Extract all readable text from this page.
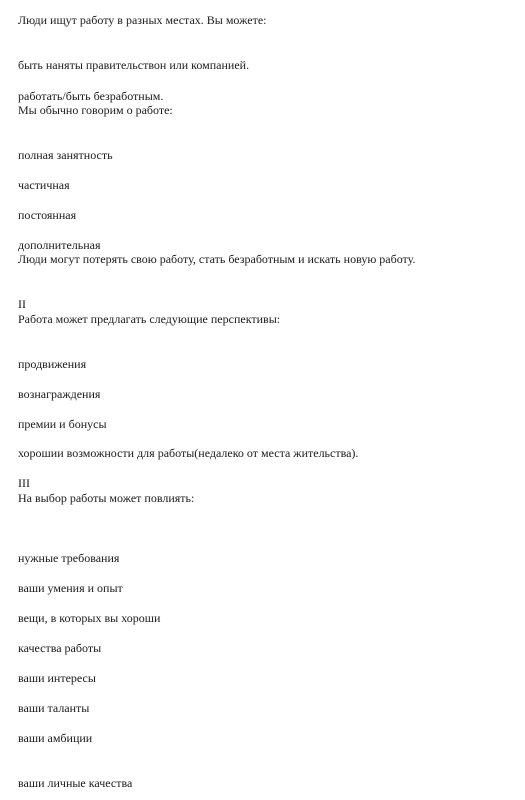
Люди ищут работу в разных местах. Вы можете:
быть наняты правительствон или компанией.
работать/быть безработным.
Мы обычно говорим о работе:
полная занятность
частичная
постоянная
дополнительная
Люди могут потерять свою работу, стать безработным и искать новую работу.
II
Работа может предлагать следующие перспективы:
продвижения
вознаграждения
премии и бонусы
хорошии возможности для работы(недалеко от места жительства).
III
На выбор работы может повлиять:
нужные требования
ваши умения и опыт
вещи, в которых вы хороши
качества работы
ваши интересы
ваши таланты
ваши амбиции
ваши личные качества
